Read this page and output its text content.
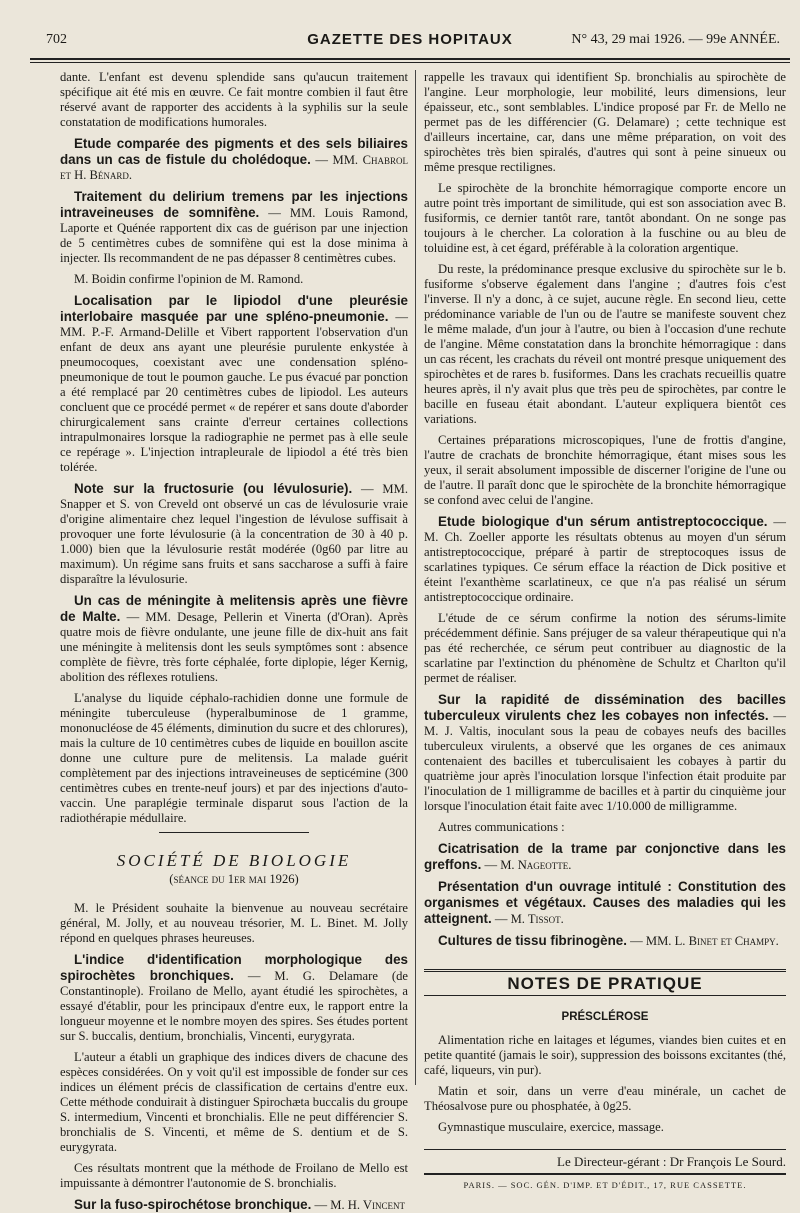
702	GAZETTE DES HOPITAUX	N° 43, 29 mai 1926. — 99e ANNÉE.

dante. L'enfant est devenu splendide sans qu'aucun traitement spécifique ait été mis en œuvre. Ce fait montre combien il faut être réservé avant de rapporter des accidents à la syphilis sur la seule constatation de modifications humorales.

Etude comparée des pigments et des sels biliaires dans un cas de fistule du cholédoque. — MM. Chabrol et H. Bénard.

Traitement du delirium tremens par les injections intraveineuses de somnifène. — MM. Louis Ramond, Laporte et Quénée rapportent dix cas de guérison par une injection de 5 centimètres cubes de somnifène qui est la dose minima à injecter. Ils recommandent de ne pas dépasser 8 centimètres cubes.

M. Boidin confirme l'opinion de M. Ramond.

Localisation par le lipiodol d'une pleurésie interlobaire masquée par une spléno-pneumonie. — MM. P.-F. Armand-Delille et Vibert rapportent l'observation d'un enfant de deux ans ayant une pleurésie purulente enkystée à pneumocoques, coexistant avec une condensation spléno-pneumonique de tout le poumon gauche. Le pus évacué par ponction a été remplacé par 20 centimètres cubes de lipiodol. Les auteurs concluent que ce procédé permet « de repérer et sans doute d'aborder chirurgicalement sans crainte d'erreur certaines collections intrapulmonaires lorsque la radiographie ne permet pas à elle seule ce repérage ». L'injection intrapleurale de lipiodol a été très bien tolérée.

Note sur la fructosurie (ou lévulosurie). — MM. Snapper et S. von Creveld ont observé un cas de lévulosurie vraie d'origine alimentaire chez lequel l'ingestion de lévulose suffisait à provoquer une forte lévulosurie (à la concentration de 30 à 40 p. 1.000) bien que la lévulosurie restât modérée (0g60 par litre au maximum). Un régime sans fruits et sans saccharose a suffi à faire disparaître la lévulosurie.

Un cas de méningite à melitensis après une fièvre de Malte. — MM. Desage, Pellerin et Vinerta (d'Oran). Après quatre mois de fièvre ondulante, une jeune fille de dix-huit ans fait une méningite à melitensis dont les seuls symptômes sont : absence complète de fièvre, très forte céphalée, forte diplopie, léger Kernig, abolition des réflexes rotuliens.

L'analyse du liquide céphalo-rachidien donne une formule de méningite tuberculeuse (hyperalbuminose de 1 gramme, mononucléose de 45 éléments, diminution du sucre et des chlorures), mais la culture de 10 centimètres cubes de liquide en bouillon ascite donne une culture pure de melitensis. La malade guérit complètement par des injections intraveineuses de septicémine (300 centimètres cubes en trente-neuf jours) et par des injections d'auto-vaccin. Une paraplégie terminale disparut sous l'action de la radiothérapie médullaire.

SOCIÉTÉ DE BIOLOGIE

(séance du 1er mai 1926)

M. le Président souhaite la bienvenue au nouveau secrétaire général, M. Jolly, et au nouveau trésorier, M. L. Binet. M. Jolly répond en quelques phrases heureuses.

L'indice d'identification morphologique des spirochètes bronchiques. — M. G. Delamare (de Constantinople). Froilano de Mello, ayant étudié les spirochètes, a essayé d'établir, pour les principaux d'entre eux, le rapport entre la longueur moyenne et le nombre moyen des spires. Ses études portent sur S. buccalis, dentium, bronchialis, Vincenti, eurygyrata.

L'auteur a établi un graphique des indices divers de chacune des espèces considérées. On y voit qu'il est impossible de fonder sur ces indices un élément précis de classification de certains d'entre eux. Cette méthode conduirait à distinguer Spirochæta buccalis du groupe S. intermedium, Vincenti et bronchialis. Elle ne peut différencier S. bronchialis de S. Vincenti, et même de S. dentium et de S. eurygyrata.

Ces résultats montrent que la méthode de Froilano de Mello est impuissante à démontrer l'autonomie de S. bronchialis.

Sur la fuso-spirochétose bronchique. — M. H. Vincent

rappelle les travaux qui identifient Sp. bronchialis au spirochète de l'angine. Leur morphologie, leur mobilité, leurs dimensions, leur épaisseur, etc., sont semblables. L'indice proposé par Fr. de Mello ne permet pas de les différencier (G. Delamare) ; cette technique est d'ailleurs incertaine, car, dans une même préparation, on voit des spirochètes très bien spiralés, d'autres qui sont à peine sinueux ou même presque rectilignes.

Le spirochète de la bronchite hémorragique comporte encore un autre point très important de similitude, qui est son association avec B. fusiformis, ce dernier tantôt rare, tantôt abondant. On ne songe pas toujours à le chercher. La coloration à la fuschine ou au bleu de toluidine est, à cet égard, préférable à la coloration argentique.

Du reste, la prédominance presque exclusive du spirochète sur le b. fusiforme s'observe également dans l'angine ; d'autres fois c'est l'inverse. Il n'y a donc, à ce sujet, aucune règle. En second lieu, cette prédominance variable de l'un ou de l'autre se manifeste souvent chez le même malade, d'un jour à l'autre, ou bien à l'occasion d'une rechute de l'angine. Même constatation dans la bronchite hémorragique : dans un cas récent, les crachats du réveil ont montré presque uniquement des spirochètes et de rares b. fusiformes. Dans les crachats recueillis quatre heures après, il n'y avait plus que très peu de spirochètes, par contre le bacille en fuseau était abondant. L'auteur expliquera bientôt ces variations.

Certaines préparations microscopiques, l'une de frottis d'angine, l'autre de crachats de bronchite hémorragique, étant mises sous les yeux, il serait absolument impossible de discerner l'origine de l'une ou de l'autre. Il paraît donc que le spirochète de la bronchite hémorragique se confond avec celui de l'angine.

Etude biologique d'un sérum antistreptococcique. — M. Ch. Zoeller apporte les résultats obtenus au moyen d'un sérum antistreptococcique, préparé à partir de streptocoques issus de scarlatines typiques. Ce sérum efface la réaction de Dick positive et éteint l'exanthème scarlatineux, ce que n'a pas réalisé un sérum antistreptococcique ordinaire.

L'étude de ce sérum confirme la notion des sérums-limite précédemment définie. Sans préjuger de sa valeur thérapeutique qui n'a pas été recherchée, ce sérum peut contribuer au diagnostic de la scarlatine par l'extinction du phénomène de Schultz et Charlton qu'il permet de réaliser.

Sur la rapidité de dissémination des bacilles tuberculeux virulents chez les cobayes non infectés. — M. J. Valtis, inoculant sous la peau de cobayes neufs des bacilles tuberculeux virulents, a observé que les organes de ces animaux contenaient des bacilles et tuberculisaient les cobayes à partir du quatrième jour après l'inoculation lorsque l'infection était produite par l'inoculation de 1 milligramme de bacilles et à partir du cinquième jour lorsque l'inoculation était faite avec 1/10.000 de milligramme.

Autres communications :

Cicatrisation de la trame par conjonctive dans les greffons. — M. Nageotte.

Présentation d'un ouvrage intitulé : Constitution des organismes et végétaux. Causes des maladies qui les atteignent. — M. Tissot.

Cultures de tissu fibrinogène. — MM. L. Binet et Champy.

NOTES DE PRATIQUE

PRÉSCLÉROSE

Alimentation riche en laitages et légumes, viandes bien cuites et en petite quantité (jamais le soir), suppression des boissons excitantes (thé, café, liqueurs, vin pur).

Matin et soir, dans un verre d'eau minérale, un cachet de Théosalvose pure ou phosphatée, à 0g25.

Gymnastique musculaire, exercice, massage.

Le Directeur-gérant : Dr François Le Sourd.

PARIS. — SOC. GÉN. D'IMP. ET D'ÉDIT., 17, RUE CASSETTE.
